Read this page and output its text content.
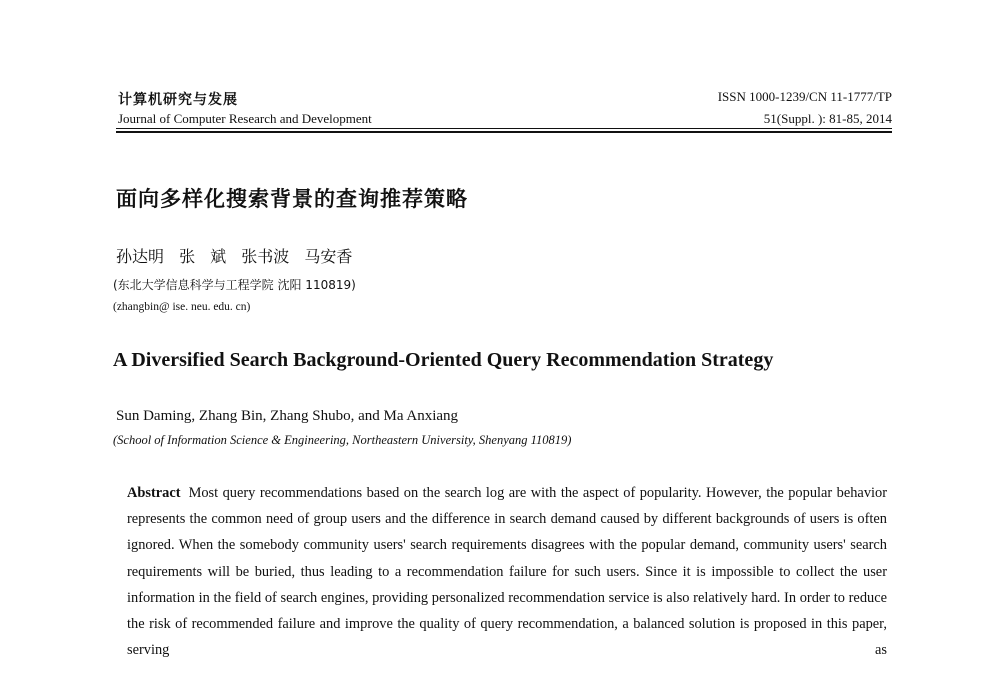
计算机研究与发展
Journal of Computer Research and Development
ISSN 1000-1239/CN 11-1777/TP
51(Suppl. ): 81-85, 2014
面向多样化搜索背景的查询推荐策略
孙达明 张 斌 张书波 马安香
(东北大学信息科学与工程学院 沈阳 110819)
(zhangbin@ ise. neu. edu. cn)
A Diversified Search Background-Oriented Query Recommendation Strategy
Sun Daming, Zhang Bin, Zhang Shubo, and Ma Anxiang
(School of Information Science & Engineering, Northeastern University, Shenyang 110819)
Abstract Most query recommendations based on the search log are with the aspect of popularity. However, the popular behavior represents the common need of group users and the difference in search demand caused by different backgrounds of users is often ignored. When the somebody community users' search requirements disagrees with the popular demand, community users' search requirements will be buried, thus leading to a recommendation failure for such users. Since it is impossible to collect the user information in the field of search engines, providing personalized recommendation service is also relatively hard. In order to reduce the risk of recommended failure and improve the quality of query recommendation, a balanced solution is proposed in this paper, serving as
